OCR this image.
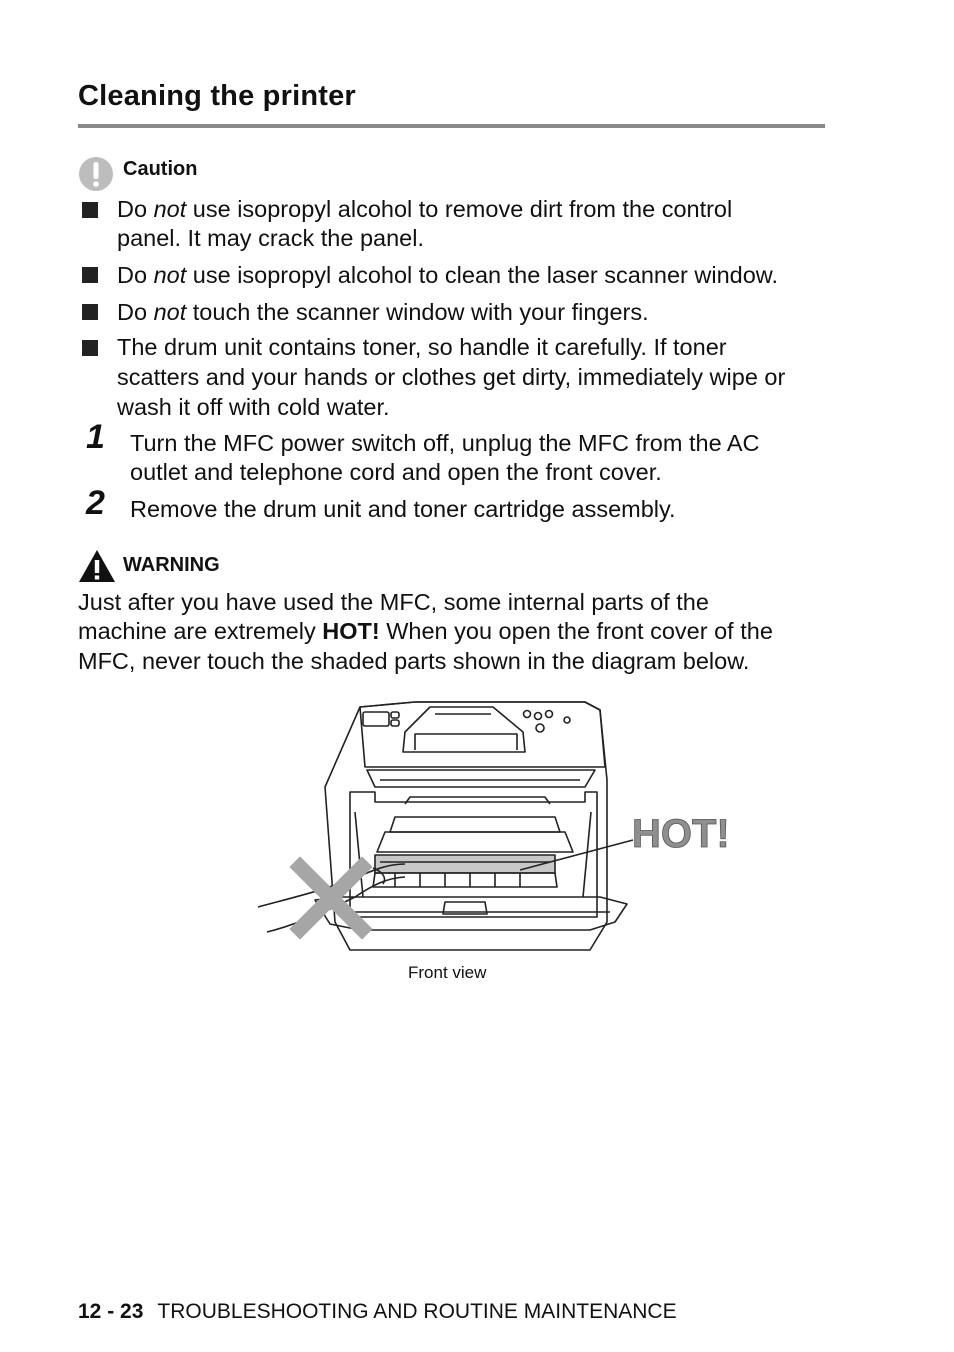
Cleaning the printer
Caution
Do not use isopropyl alcohol to remove dirt from the control
panel. It may crack the panel.
Do not use isopropyl alcohol to clean the laser scanner window.
Do not touch the scanner window with your fingers.
The drum unit contains toner, so handle it carefully. If toner
scatters and your hands or clothes get dirty, immediately wipe or
wash it off with cold water.
1 Turn the MFC power switch off, unplug the MFC from the AC
outlet and telephone cord and open the front cover.
2 Remove the drum unit and toner cartridge assembly.
WARNING
Just after you have used the MFC, some internal parts of the
machine are extremely HOT! When you open the front cover of the
MFC, never touch the shaded parts shown in the diagram below.
HOT!
Front view
12 - 23 TROUBLESHOOTING AND ROUTINE MAINTENANCE
